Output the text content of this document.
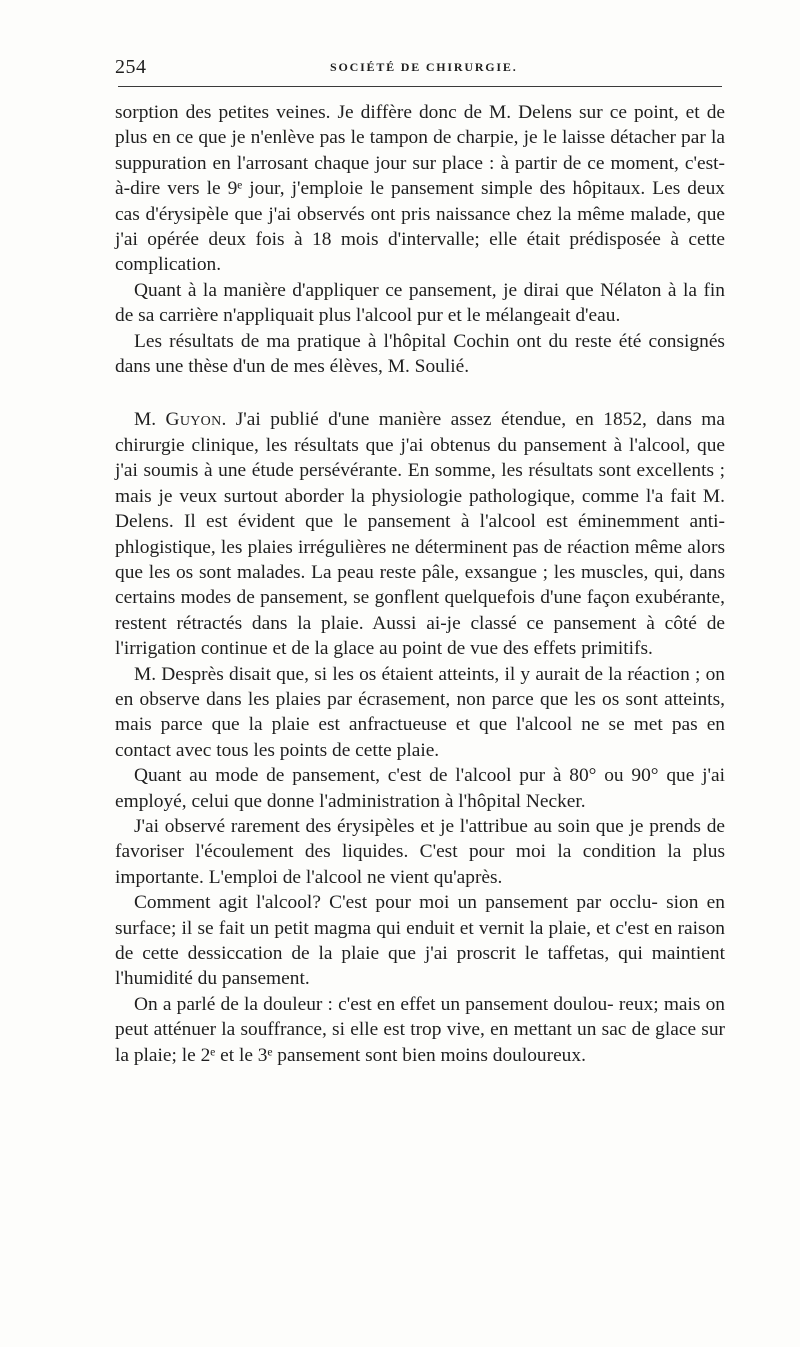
254	SOCIÉTÉ DE CHIRURGIE.

sorption des petites veines. Je diffère donc de M. Delens sur ce point, et de plus en ce que je n'enlève pas le tampon de charpie, je le laisse détacher par la suppuration en l'arrosant chaque jour sur place : à partir de ce moment, c'est-à-dire vers le 9ᵉ jour, j'emploie le pansement simple des hôpitaux. Les deux cas d'érysipèle que j'ai observés ont pris naissance chez la même malade, que j'ai opérée deux fois à 18 mois d'intervalle; elle était prédisposée à cette complication.

Quant à la manière d'appliquer ce pansement, je dirai que Nélaton à la fin de sa carrière n'appliquait plus l'alcool pur et le mélangeait d'eau.

Les résultats de ma pratique à l'hôpital Cochin ont du reste été consignés dans une thèse d'un de mes élèves, M. Soulié.

M. Guyon. J'ai publié d'une manière assez étendue, en 1852, dans ma chirurgie clinique, les résultats que j'ai obtenus du pansement à l'alcool, que j'ai soumis à une étude persévérante. En somme, les résultats sont excellents ; mais je veux surtout aborder la physiologie pathologique, comme l'a fait M. Delens. Il est évident que le pansement à l'alcool est éminemment anti- phlogistique, les plaies irrégulières ne déterminent pas de réaction même alors que les os sont malades. La peau reste pâle, exsangue ; les muscles, qui, dans certains modes de pansement, se gonflent quelquefois d'une façon exubérante, restent rétractés dans la plaie. Aussi ai-je classé ce pansement à côté de l'irrigation continue et de la glace au point de vue des effets primitifs.

M. Desprès disait que, si les os étaient atteints, il y aurait de la réaction ; on en observe dans les plaies par écrasement, non parce que les os sont atteints, mais parce que la plaie est anfractueuse et que l'alcool ne se met pas en contact avec tous les points de cette plaie.

Quant au mode de pansement, c'est de l'alcool pur à 80° ou 90° que j'ai employé, celui que donne l'administration à l'hôpital Necker.

J'ai observé rarement des érysipèles et je l'attribue au soin que je prends de favoriser l'écoulement des liquides. C'est pour moi la condition la plus importante. L'emploi de l'alcool ne vient qu'après.

Comment agit l'alcool? C'est pour moi un pansement par occlu- sion en surface; il se fait un petit magma qui enduit et vernit la plaie, et c'est en raison de cette dessiccation de la plaie que j'ai proscrit le taffetas, qui maintient l'humidité du pansement.

On a parlé de la douleur : c'est en effet un pansement doulou- reux; mais on peut atténuer la souffrance, si elle est trop vive, en mettant un sac de glace sur la plaie; le 2ᵉ et le 3ᵉ pansement sont bien moins douloureux.
